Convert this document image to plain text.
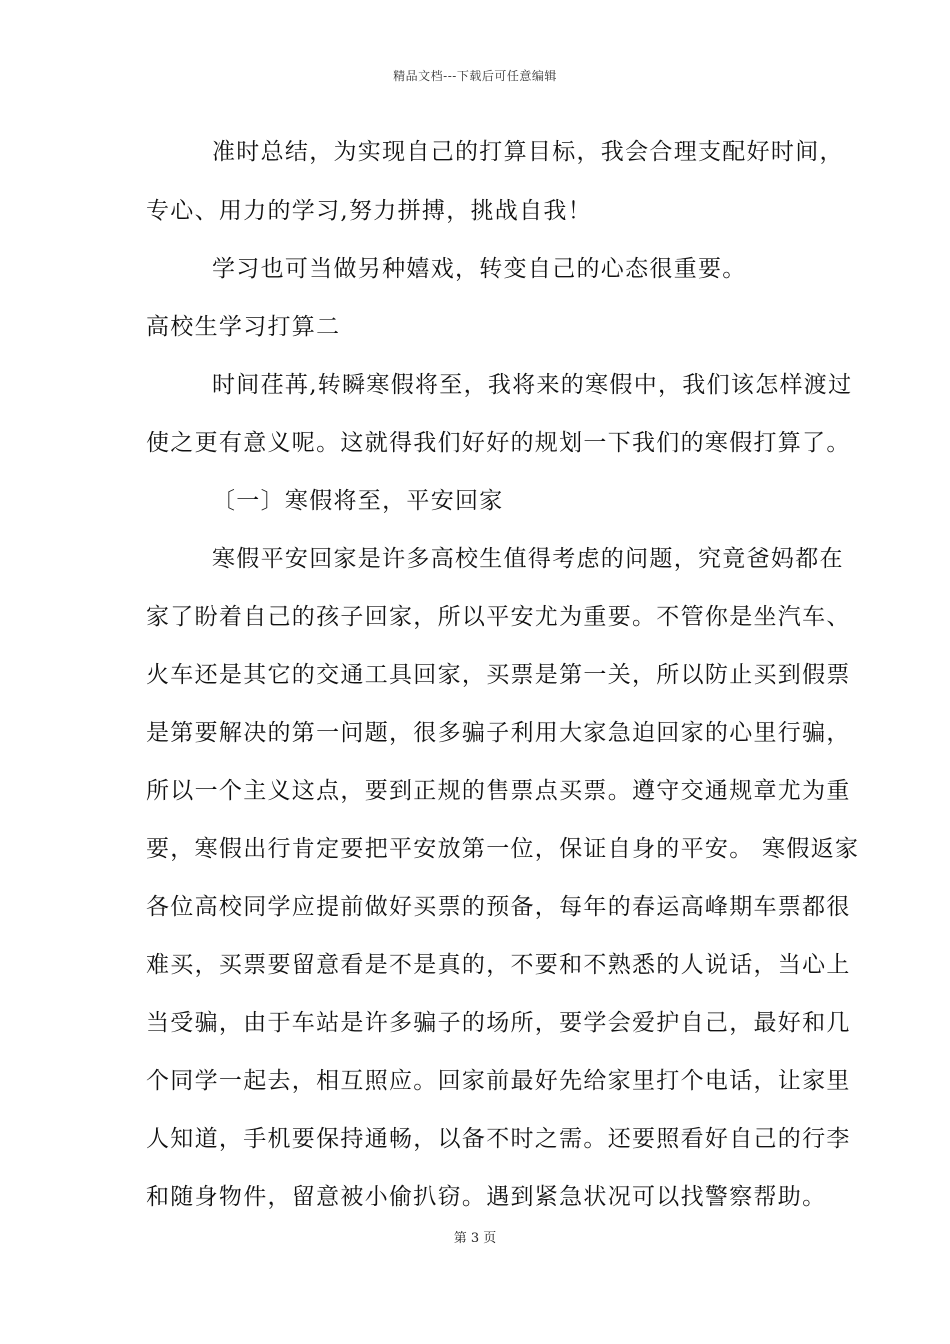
精品文档---下载后可任意编辑
准时总结，为实现自己的打算目标，我会合理支配好时间，
专心、用力的学习,努力拼搏，挑战自我！
学习也可当做另种嬉戏，转变自己的心态很重要。
高校生学习打算二
时间荏苒,转瞬寒假将至，我将来的寒假中，我们该怎样渡过
使之更有意义呢。这就得我们好好的规划一下我们的寒假打算了。
〔一〕寒假将至，平安回家
寒假平安回家是许多高校生值得考虑的问题，究竟爸妈都在
家了盼着自己的孩子回家，所以平安尤为重要。不管你是坐汽车、
火车还是其它的交通工具回家，买票是第一关，所以防止买到假票
是第要解决的第一问题，很多骗子利用大家急迫回家的心里行骗，
所以一个主义这点，要到正规的售票点买票。遵守交通规章尤为重
要，寒假出行肯定要把平安放第一位，保证自身的平安。 寒假返家
各位高校同学应提前做好买票的预备，每年的春运高峰期车票都很
难买，买票要留意看是不是真的，不要和不熟悉的人说话，当心上
当受骗，由于车站是许多骗子的场所，要学会爱护自己，最好和几
个同学一起去，相互照应。回家前最好先给家里打个电话，让家里
人知道，手机要保持通畅，以备不时之需。还要照看好自己的行李
和随身物件，留意被小偷扒窃。遇到紧急状况可以找警察帮助。
第 3 页
